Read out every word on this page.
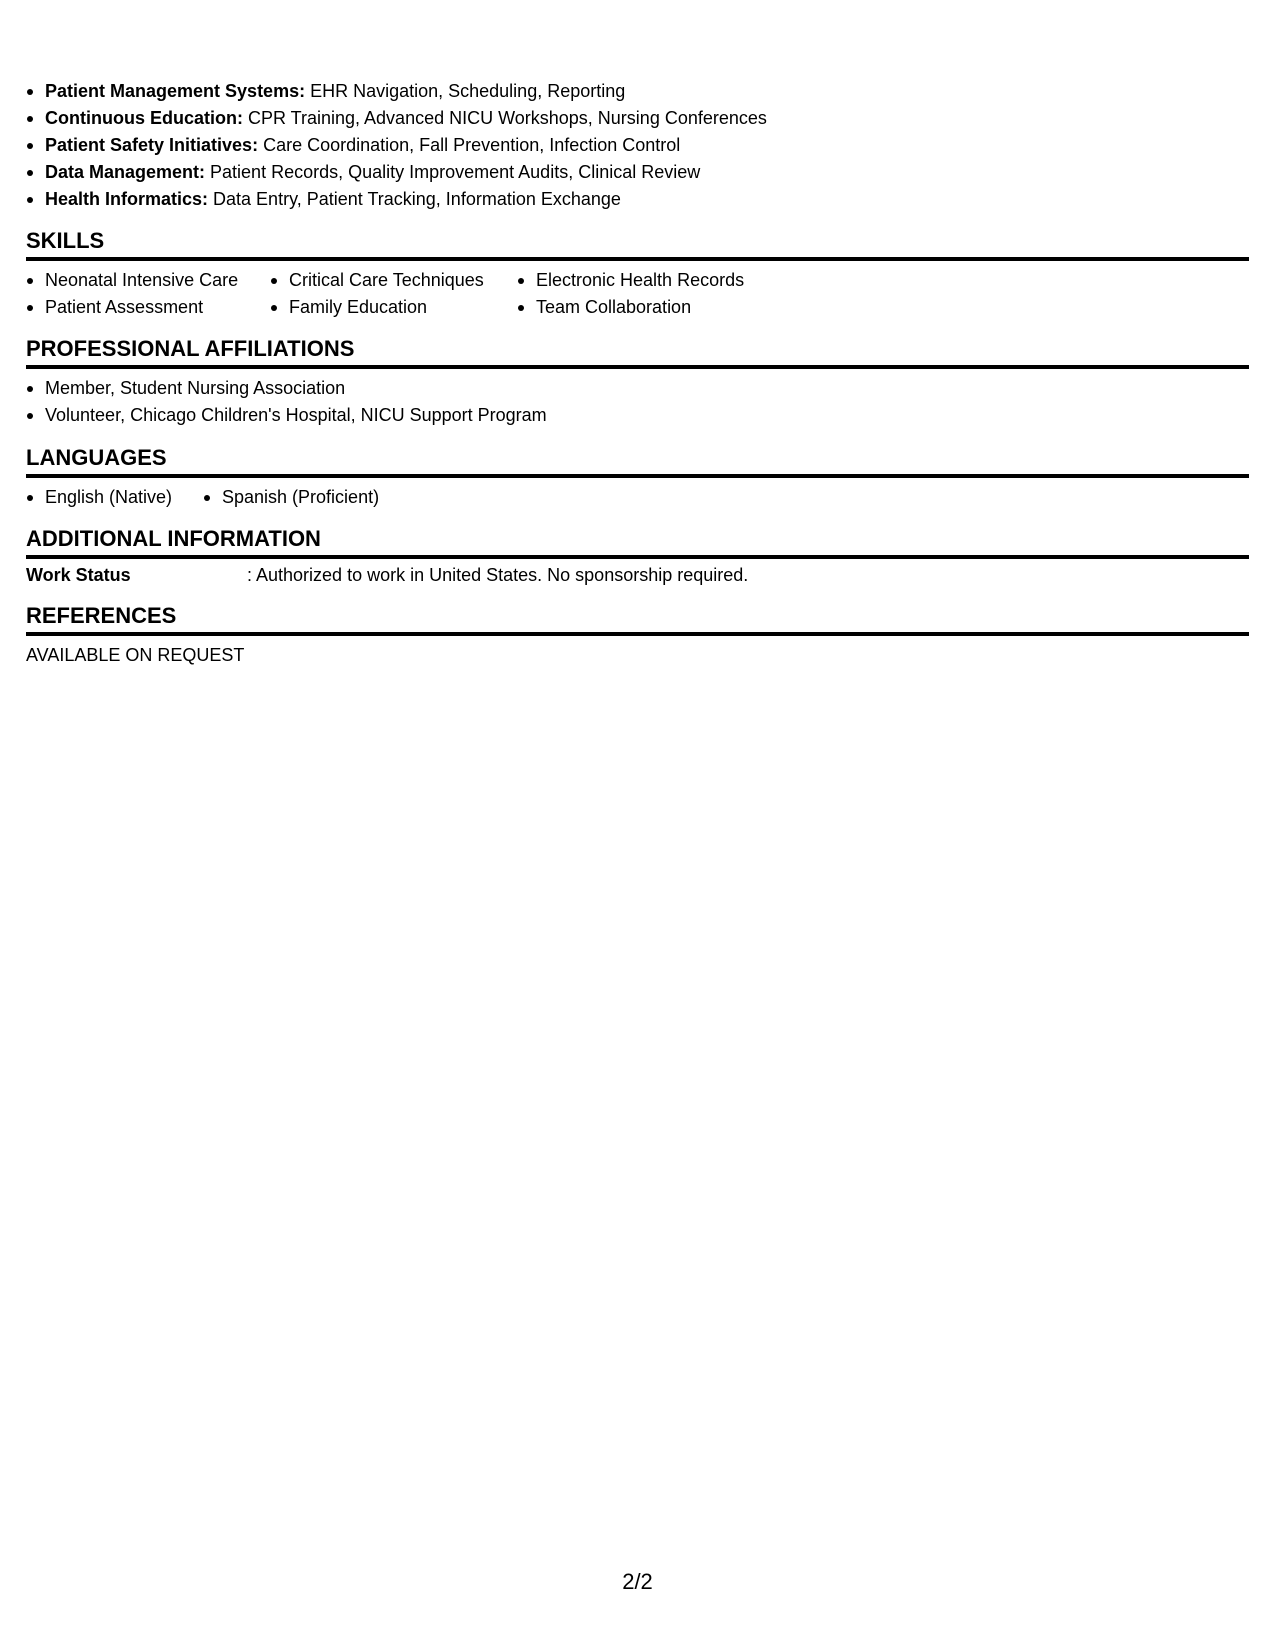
Patient Management Systems: EHR Navigation, Scheduling, Reporting
Continuous Education: CPR Training, Advanced NICU Workshops, Nursing Conferences
Patient Safety Initiatives: Care Coordination, Fall Prevention, Infection Control
Data Management: Patient Records, Quality Improvement Audits, Clinical Review
Health Informatics: Data Entry, Patient Tracking, Information Exchange
SKILLS
Neonatal Intensive Care
Patient Assessment
Critical Care Techniques
Family Education
Electronic Health Records
Team Collaboration
PROFESSIONAL AFFILIATIONS
Member, Student Nursing Association
Volunteer, Chicago Children's Hospital, NICU Support Program
LANGUAGES
English (Native)	Spanish (Proficient)
ADDITIONAL INFORMATION
Work Status	: Authorized to work in United States. No sponsorship required.
REFERENCES
AVAILABLE ON REQUEST
2/2
